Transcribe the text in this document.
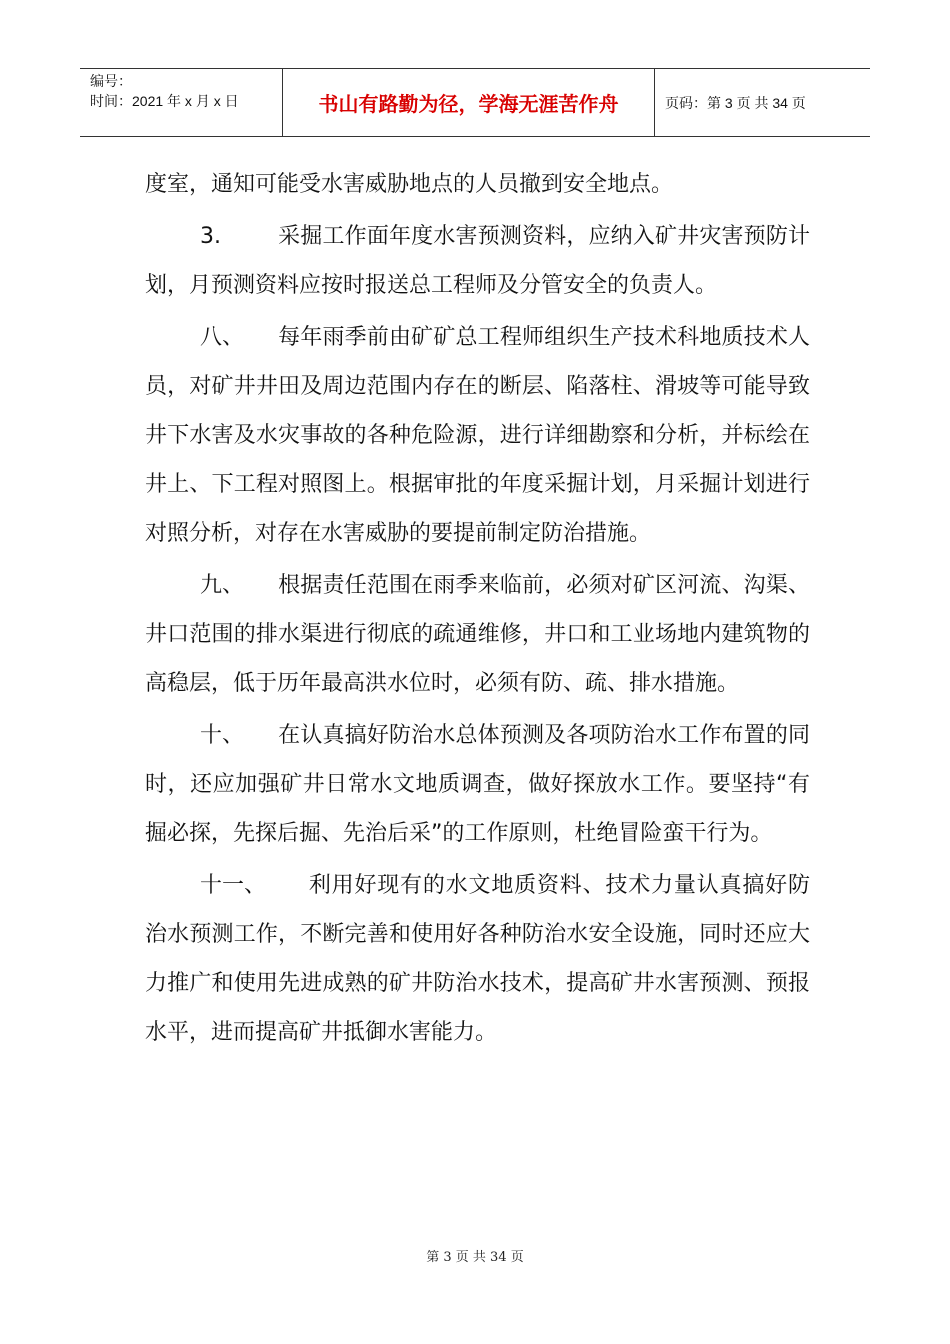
编号：
时间：2021 年 x 月 x 日	书山有路勤为径，学海无涯苦作舟	页码：第 3 页 共 34 页

度室，通知可能受水害威胁地点的人员撤到安全地点。

3.	采掘工作面年度水害预测资料，应纳入矿井灾害预防计划，月预测资料应按时报送总工程师及分管安全的负责人。

八、 每年雨季前由矿矿总工程师组织生产技术科地质技术人员，对矿井井田及周边范围内存在的断层、陷落柱、滑坡等可能导致井下水害及水灾事故的各种危险源，进行详细勘察和分析，并标绘在井上、下工程对照图上。根据审批的年度采掘计划，月采掘计划进行对照分析，对存在水害威胁的要提前制定防治措施。

九、 根据责任范围在雨季来临前，必须对矿区河流、沟渠、井口范围的排水渠进行彻底的疏通维修，井口和工业场地内建筑物的高稳层，低于历年最高洪水位时，必须有防、疏、排水措施。

十、 在认真搞好防治水总体预测及各项防治水工作布置的同时，还应加强矿井日常水文地质调查，做好探放水工作。要坚持“有掘必探，先探后掘、先治后采”的工作原则，杜绝冒险蛮干行为。

十一、 利用好现有的水文地质资料、技术力量认真搞好防治水预测工作，不断完善和使用好各种防治水安全设施，同时还应大力推广和使用先进成熟的矿井防治水技术，提高矿井水害预测、预报水平，进而提高矿井抵御水害能力。

第 3 页 共 34 页
